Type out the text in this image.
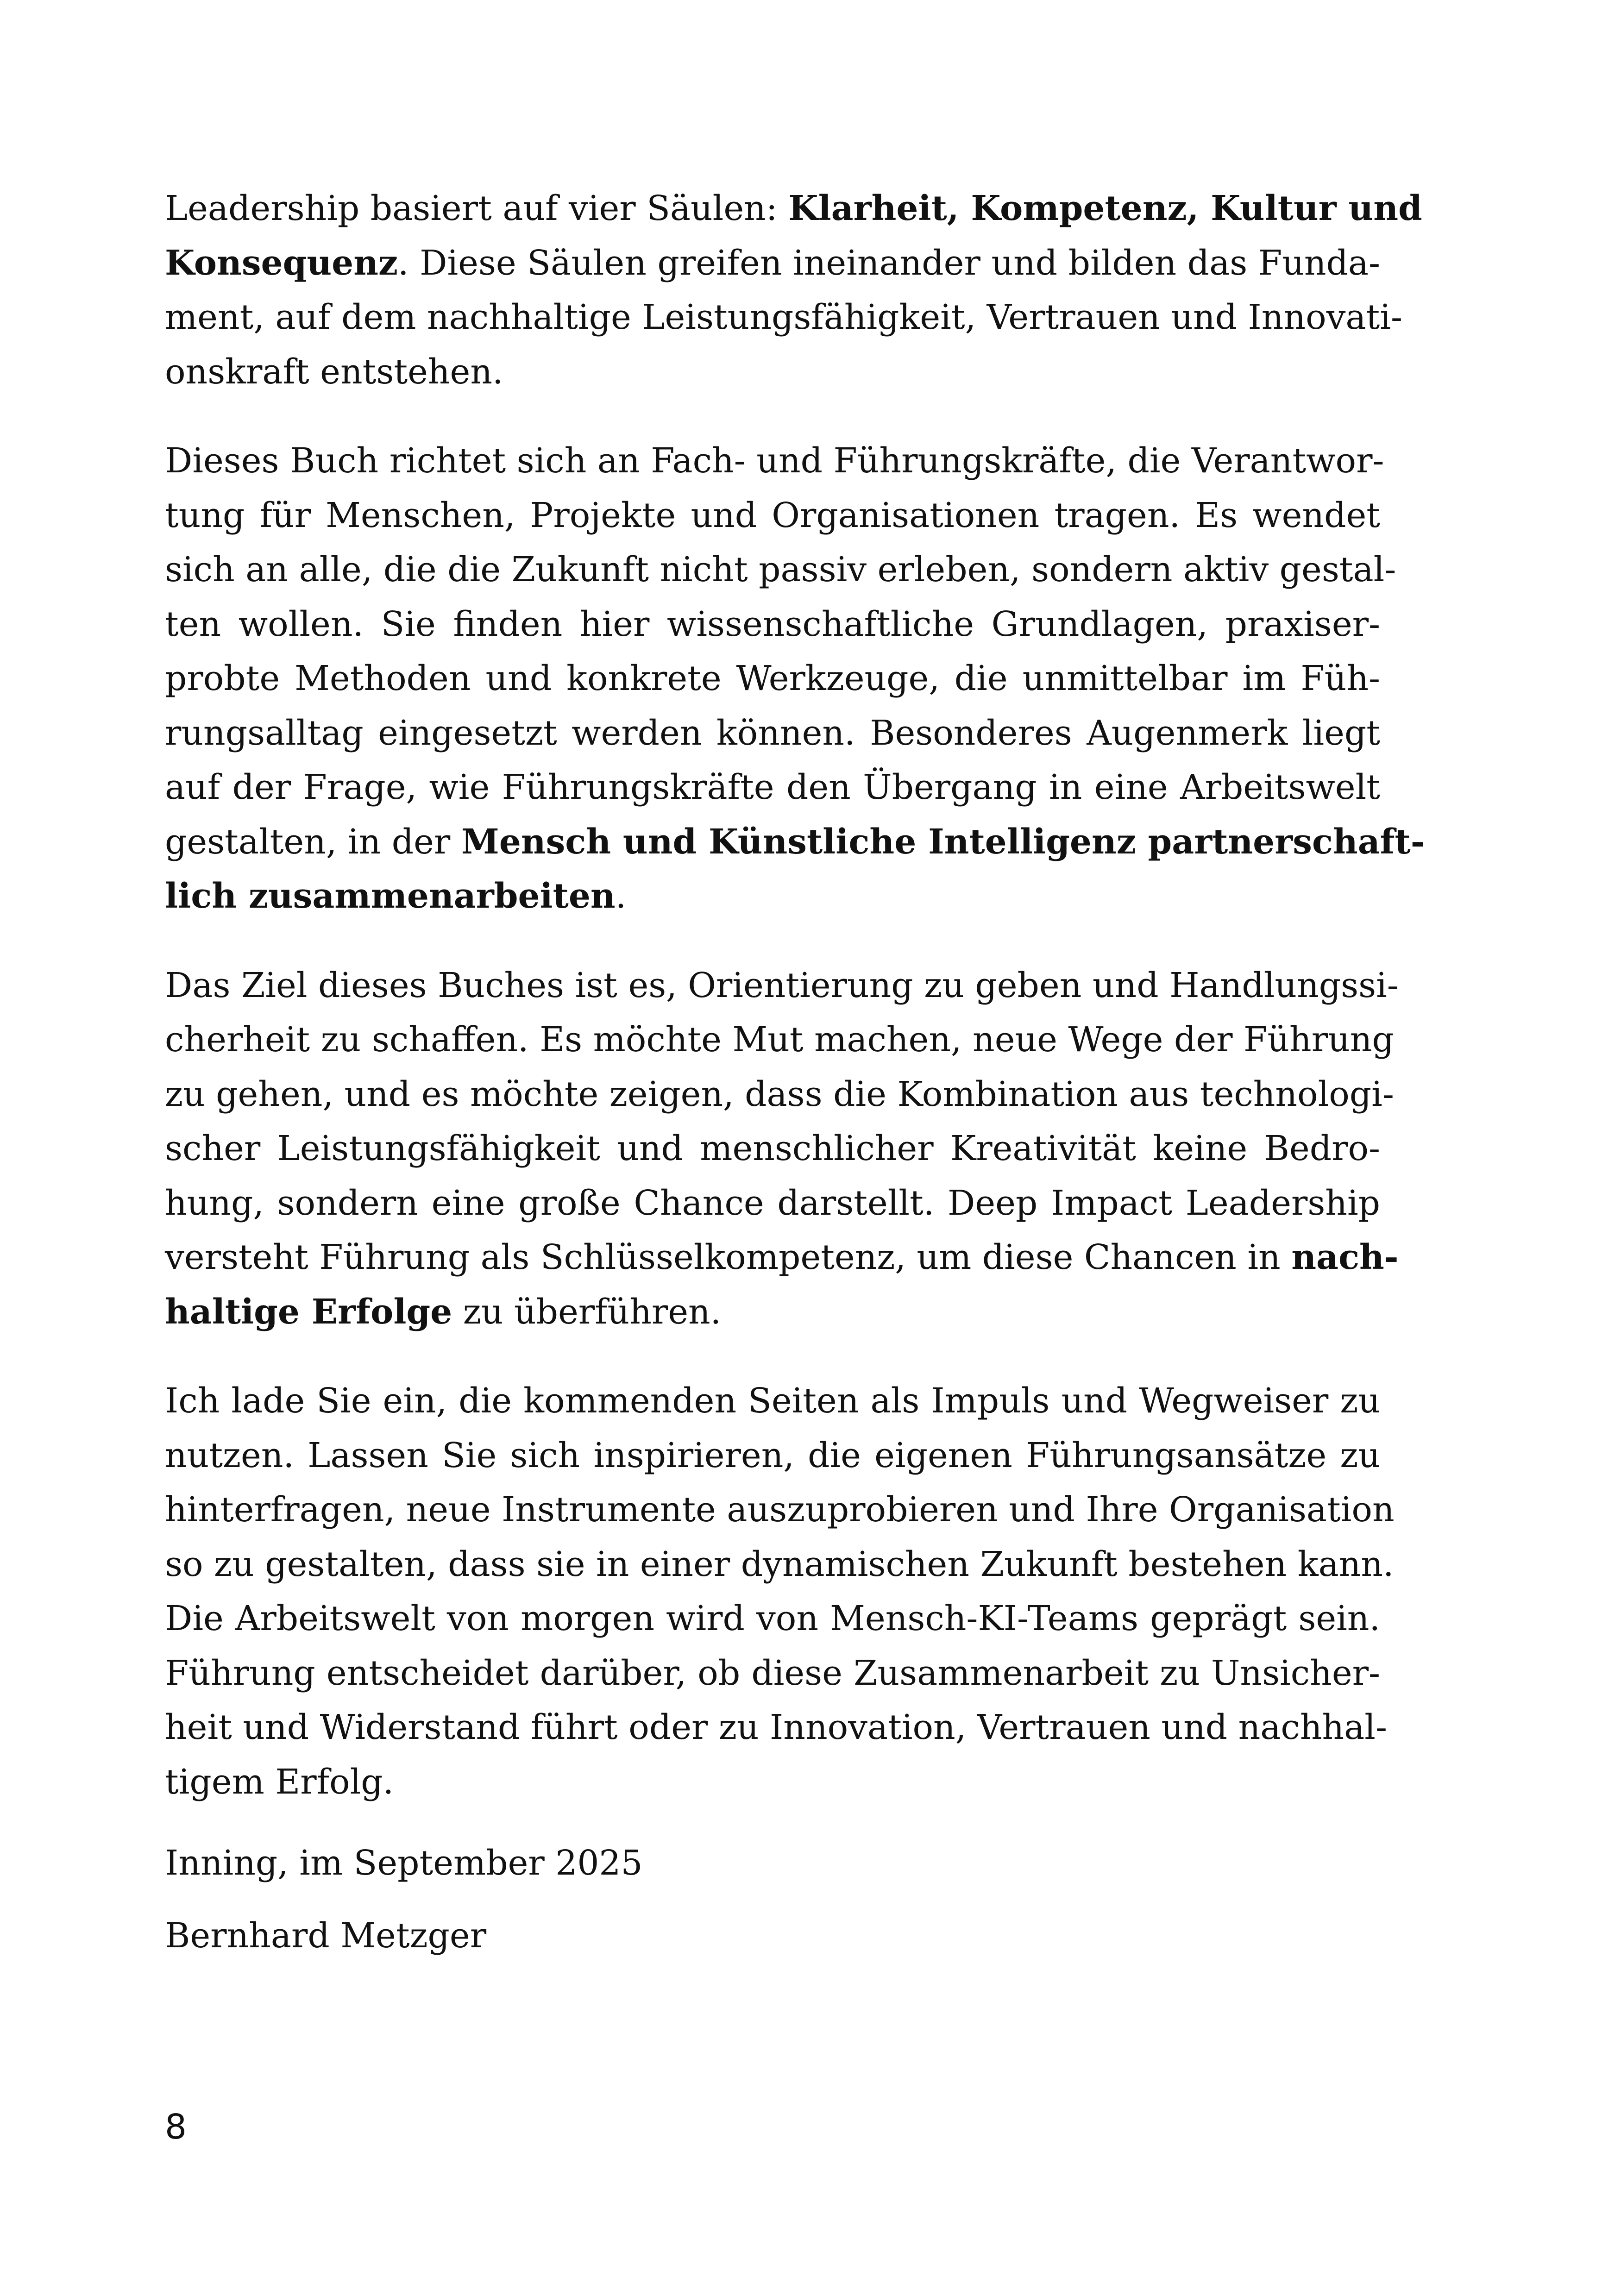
Leadership basiert auf vier Säulen: Klarheit, Kompetenz, Kultur und
Konsequenz. Diese Säulen greifen ineinander und bilden das Funda-
ment, auf dem nachhaltige Leistungsfähigkeit, Vertrauen und Innovati-
onskraft entstehen.

Dieses Buch richtet sich an Fach- und Führungskräfte, die Verantwor-
tung für Menschen, Projekte und Organisationen tragen. Es wendet
sich an alle, die die Zukunft nicht passiv erleben, sondern aktiv gestal-
ten wollen. Sie finden hier wissenschaftliche Grundlagen, praxiser-
probte Methoden und konkrete Werkzeuge, die unmittelbar im Füh-
rungsalltag eingesetzt werden können. Besonderes Augenmerk liegt
auf der Frage, wie Führungskräfte den Übergang in eine Arbeitswelt
gestalten, in der Mensch und Künstliche Intelligenz partnerschaft-
lich zusammenarbeiten.

Das Ziel dieses Buches ist es, Orientierung zu geben und Handlungssi-
cherheit zu schaffen. Es möchte Mut machen, neue Wege der Führung
zu gehen, und es möchte zeigen, dass die Kombination aus technologi-
scher Leistungsfähigkeit und menschlicher Kreativität keine Bedro-
hung, sondern eine große Chance darstellt. Deep Impact Leadership
versteht Führung als Schlüsselkompetenz, um diese Chancen in nach-
haltige Erfolge zu überführen.

Ich lade Sie ein, die kommenden Seiten als Impuls und Wegweiser zu
nutzen. Lassen Sie sich inspirieren, die eigenen Führungsansätze zu
hinterfragen, neue Instrumente auszuprobieren und Ihre Organisation
so zu gestalten, dass sie in einer dynamischen Zukunft bestehen kann.
Die Arbeitswelt von morgen wird von Mensch-KI-Teams geprägt sein.
Führung entscheidet darüber, ob diese Zusammenarbeit zu Unsicher-
heit und Widerstand führt oder zu Innovation, Vertrauen und nachhal-
tigem Erfolg.

Inning, im September 2025
Bernhard Metzger
8
